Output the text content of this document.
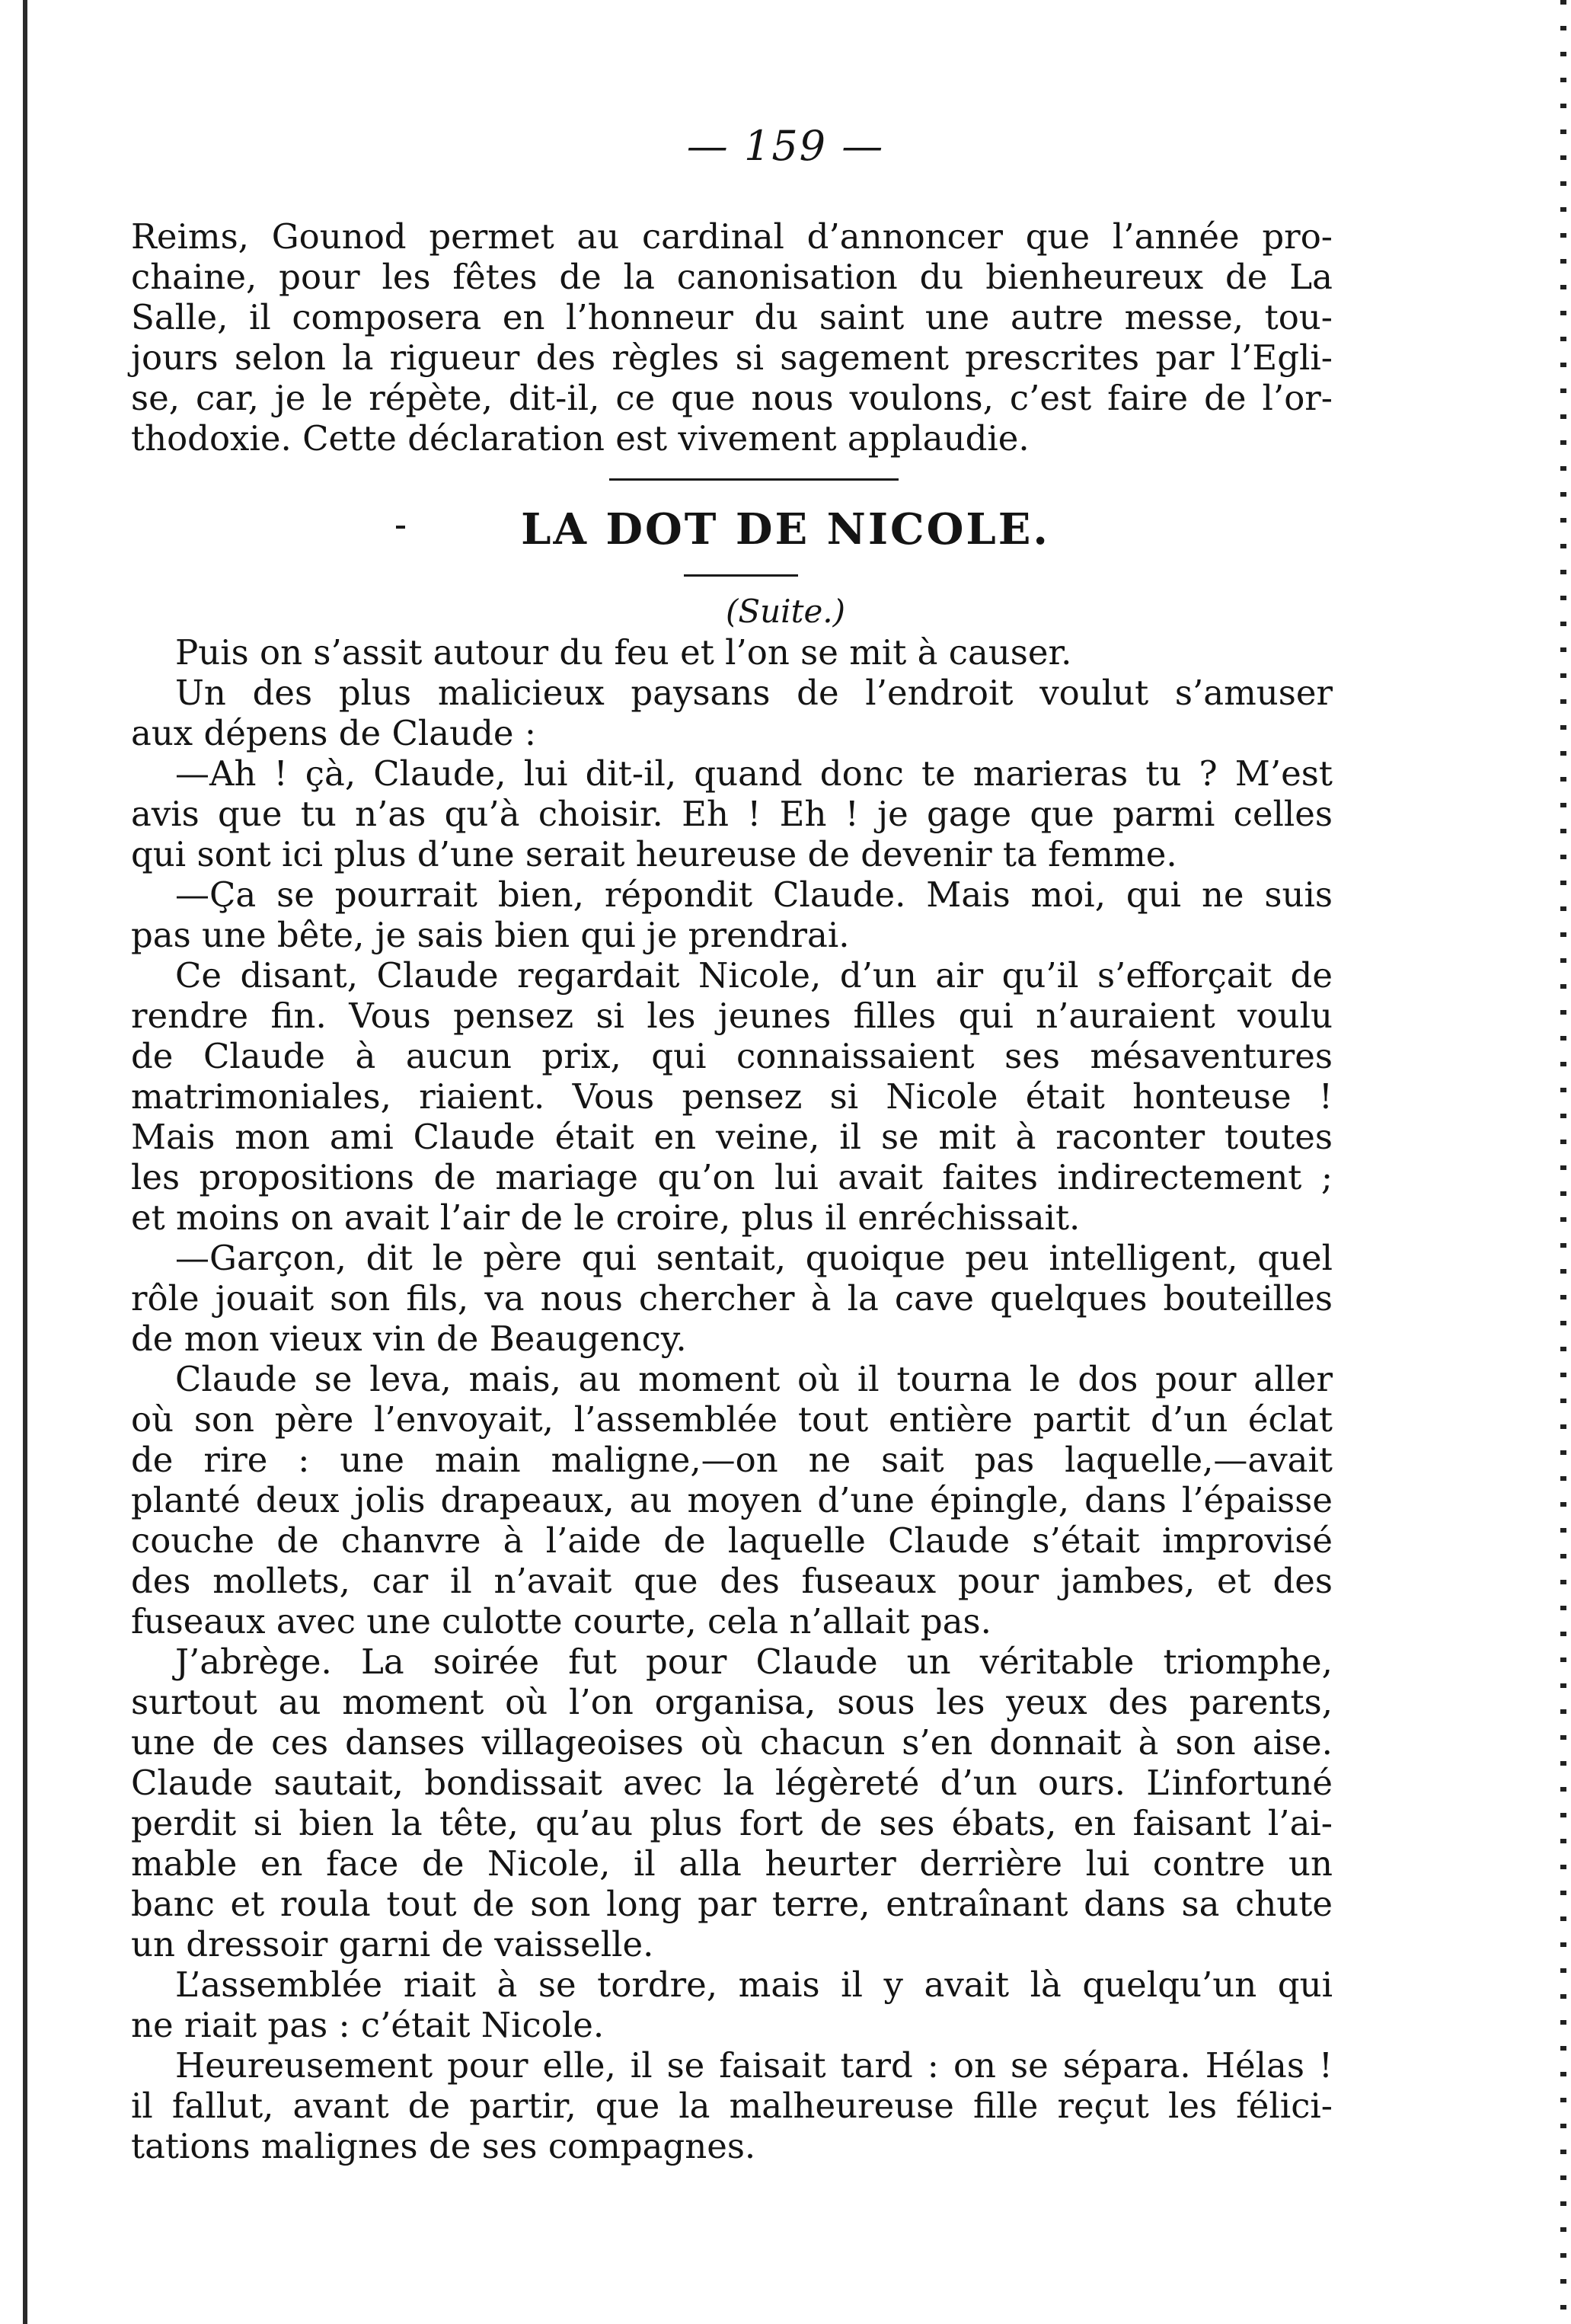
— 159 —
Reims, Gounod permet au cardinal d’annoncer que l’année pro-
chaine, pour les fêtes de la canonisation du bienheureux de La
Salle, il composera en l’honneur du saint une autre messe, tou-
jours selon la rigueur des règles si sagement prescrites par l’Egli-
se, car, je le répète, dit-il, ce que nous voulons, c’est faire de l’or-
thodoxie. Cette déclaration est vivement applaudie.
LA DOT DE NICOLE.
(Suite.)
Puis on s’assit autour du feu et l’on se mit à causer.
Un des plus malicieux paysans de l’endroit voulut s’amuser
aux dépens de Claude :
—Ah ! çà, Claude, lui dit-il, quand donc te marieras tu ? M’est
avis que tu n’as qu’à choisir. Eh ! Eh ! je gage que parmi celles
qui sont ici plus d’une serait heureuse de devenir ta femme.
—Ça se pourrait bien, répondit Claude. Mais moi, qui ne suis
pas une bête, je sais bien qui je prendrai.
Ce disant, Claude regardait Nicole, d’un air qu’il s’efforçait de
rendre fin. Vous pensez si les jeunes filles qui n’auraient voulu
de Claude à aucun prix, qui connaissaient ses mésaventures
matrimoniales, riaient. Vous pensez si Nicole était honteuse !
Mais mon ami Claude était en veine, il se mit à raconter toutes
les propositions de mariage qu’on lui avait faites indirectement ;
et moins on avait l’air de le croire, plus il enréchissait.
—Garçon, dit le père qui sentait, quoique peu intelligent, quel
rôle jouait son fils, va nous chercher à la cave quelques bouteilles
de mon vieux vin de Beaugency.
Claude se leva, mais, au moment où il tourna le dos pour aller
où son père l’envoyait, l’assemblée tout entière partit d’un éclat
de rire : une main maligne,—on ne sait pas laquelle,—avait
planté deux jolis drapeaux, au moyen d’une épingle, dans l’épaisse
couche de chanvre à l’aide de laquelle Claude s’était improvisé
des mollets, car il n’avait que des fuseaux pour jambes, et des
fuseaux avec une culotte courte, cela n’allait pas.
J’abrège. La soirée fut pour Claude un véritable triomphe,
surtout au moment où l’on organisa, sous les yeux des parents,
une de ces danses villageoises où chacun s’en donnait à son aise.
Claude sautait, bondissait avec la légèreté d’un ours. L’infortuné
perdit si bien la tête, qu’au plus fort de ses ébats, en faisant l’ai-
mable en face de Nicole, il alla heurter derrière lui contre un
banc et roula tout de son long par terre, entraînant dans sa chute
un dressoir garni de vaisselle.
L’assemblée riait à se tordre, mais il y avait là quelqu’un qui
ne riait pas : c’était Nicole.
Heureusement pour elle, il se faisait tard : on se sépara. Hélas !
il fallut, avant de partir, que la malheureuse fille reçut les félici-
tations malignes de ses compagnes.
